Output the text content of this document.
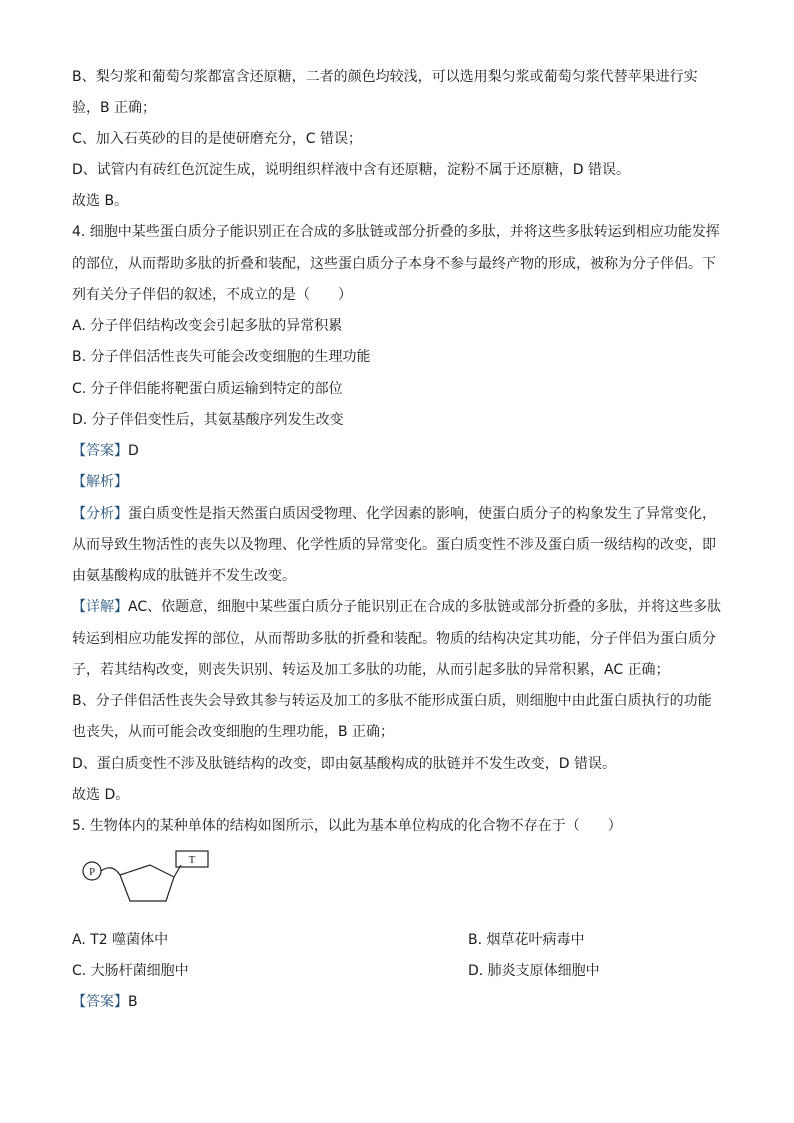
B、梨匀浆和葡萄匀浆都富含还原糖，二者的颜色均较浅，可以选用梨匀浆或葡萄匀浆代替苹果进行实
验，B 正确；
C、加入石英砂的目的是使研磨充分，C 错误；
D、试管内有砖红色沉淀生成，说明组织样液中含有还原糖，淀粉不属于还原糖，D 错误。
故选 B。
4. 细胞中某些蛋白质分子能识别正在合成的多肽链或部分折叠的多肽，并将这些多肽转运到相应功能发挥
的部位，从而帮助多肽的折叠和装配，这些蛋白质分子本身不参与最终产物的形成，被称为分子伴侣。下
列有关分子伴侣的叙述，不成立的是（　　）
A. 分子伴侣结构改变会引起多肽的异常积累
B. 分子伴侣活性丧失可能会改变细胞的生理功能
C. 分子伴侣能将靶蛋白质运输到特定的部位
D. 分子伴侣变性后，其氨基酸序列发生改变
【答案】D
【解析】
【分析】蛋白质变性是指天然蛋白质因受物理、化学因素的影响，使蛋白质分子的构象发生了异常变化，
从而导致生物活性的丧失以及物理、化学性质的异常变化。蛋白质变性不涉及蛋白质一级结构的改变，即
由氨基酸构成的肽链并不发生改变。
【详解】AC、依题意，细胞中某些蛋白质分子能识别正在合成的多肽链或部分折叠的多肽，并将这些多肽
转运到相应功能发挥的部位，从而帮助多肽的折叠和装配。物质的结构决定其功能，分子伴侣为蛋白质分
子，若其结构改变，则丧失识别、转运及加工多肽的功能，从而引起多肽的异常积累，AC 正确；
B、分子伴侣活性丧失会导致其参与转运及加工的多肽不能形成蛋白质，则细胞中由此蛋白质执行的功能
也丧失，从而可能会改变细胞的生理功能，B 正确；
D、蛋白质变性不涉及肽链结构的改变，即由氨基酸构成的肽链并不发生改变，D 错误。
故选 D。
5. 生物体内的某种单体的结构如图所示，以此为基本单位构成的化合物不存在于（　　）
P
T
A. T2 噬菌体中	B. 烟草花叶病毒中
C. 大肠杆菌细胞中	D. 肺炎支原体细胞中
【答案】B
